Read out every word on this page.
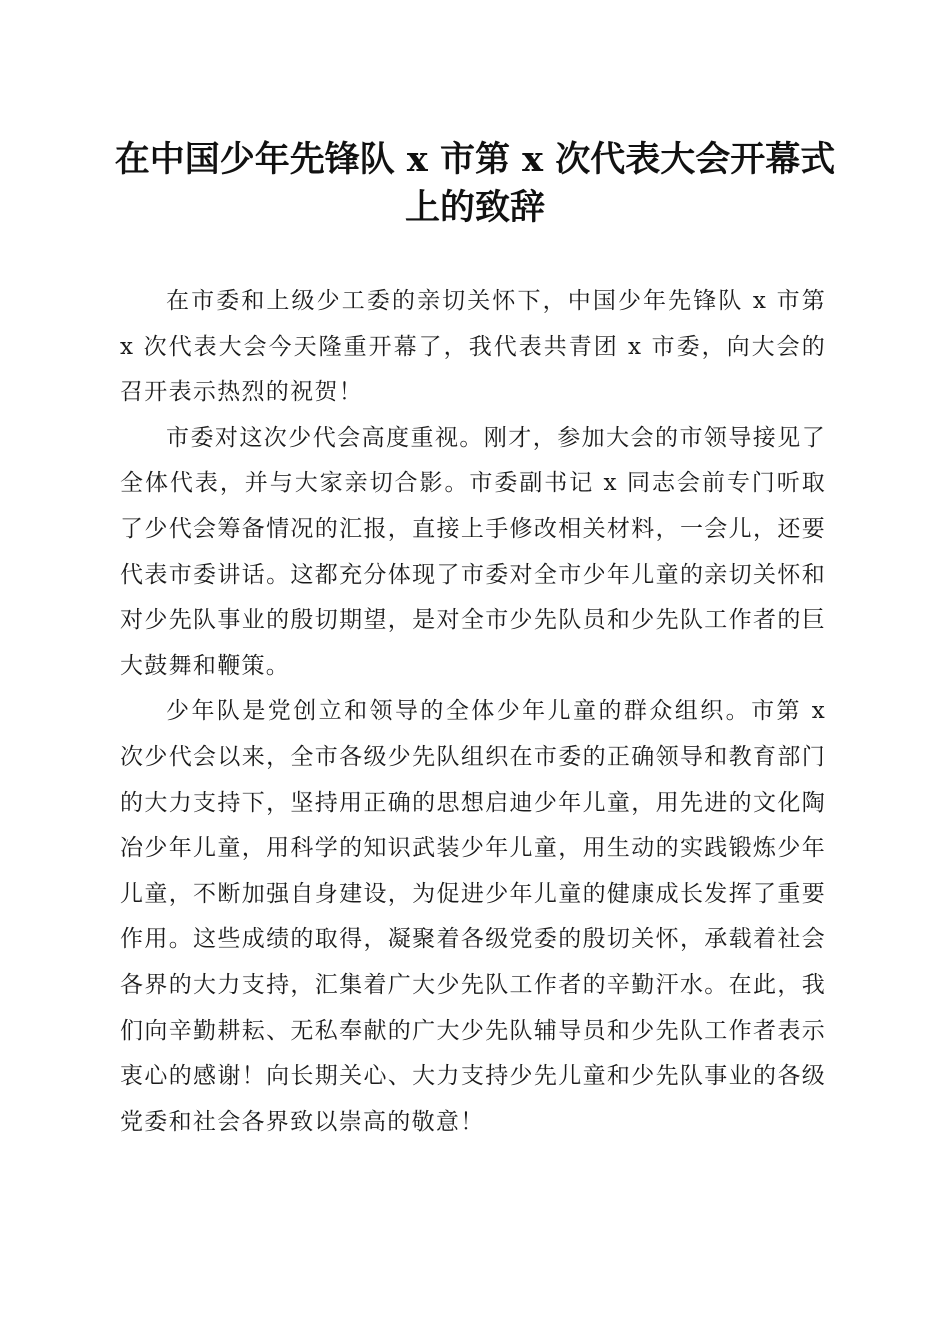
在中国少年先锋队 x 市第 x 次代表大会开幕式上的致辞

在市委和上级少工委的亲切关怀下，中国少年先锋队 x 市第 x 次代表大会今天隆重开幕了，我代表共青团 x 市委，向大会的召开表示热烈的祝贺！

市委对这次少代会高度重视。刚才，参加大会的市领导接见了全体代表，并与大家亲切合影。市委副书记 x 同志会前专门听取了少代会筹备情况的汇报，直接上手修改相关材料，一会儿，还要代表市委讲话。这都充分体现了市委对全市少年儿童的亲切关怀和对少先队事业的殷切期望，是对全市少先队员和少先队工作者的巨大鼓舞和鞭策。

少年队是党创立和领导的全体少年儿童的群众组织。市第 x 次少代会以来，全市各级少先队组织在市委的正确领导和教育部门的大力支持下，坚持用正确的思想启迪少年儿童，用先进的文化陶冶少年儿童，用科学的知识武装少年儿童，用生动的实践锻炼少年儿童，不断加强自身建设，为促进少年儿童的健康成长发挥了重要作用。这些成绩的取得，凝聚着各级党委的殷切关怀，承载着社会各界的大力支持，汇集着广大少先队工作者的辛勤汗水。在此，我们向辛勤耕耘、无私奉献的广大少先队辅导员和少先队工作者表示衷心的感谢！向长期关心、大力支持少先儿童和少先队事业的各级党委和社会各界致以崇高的敬意！
